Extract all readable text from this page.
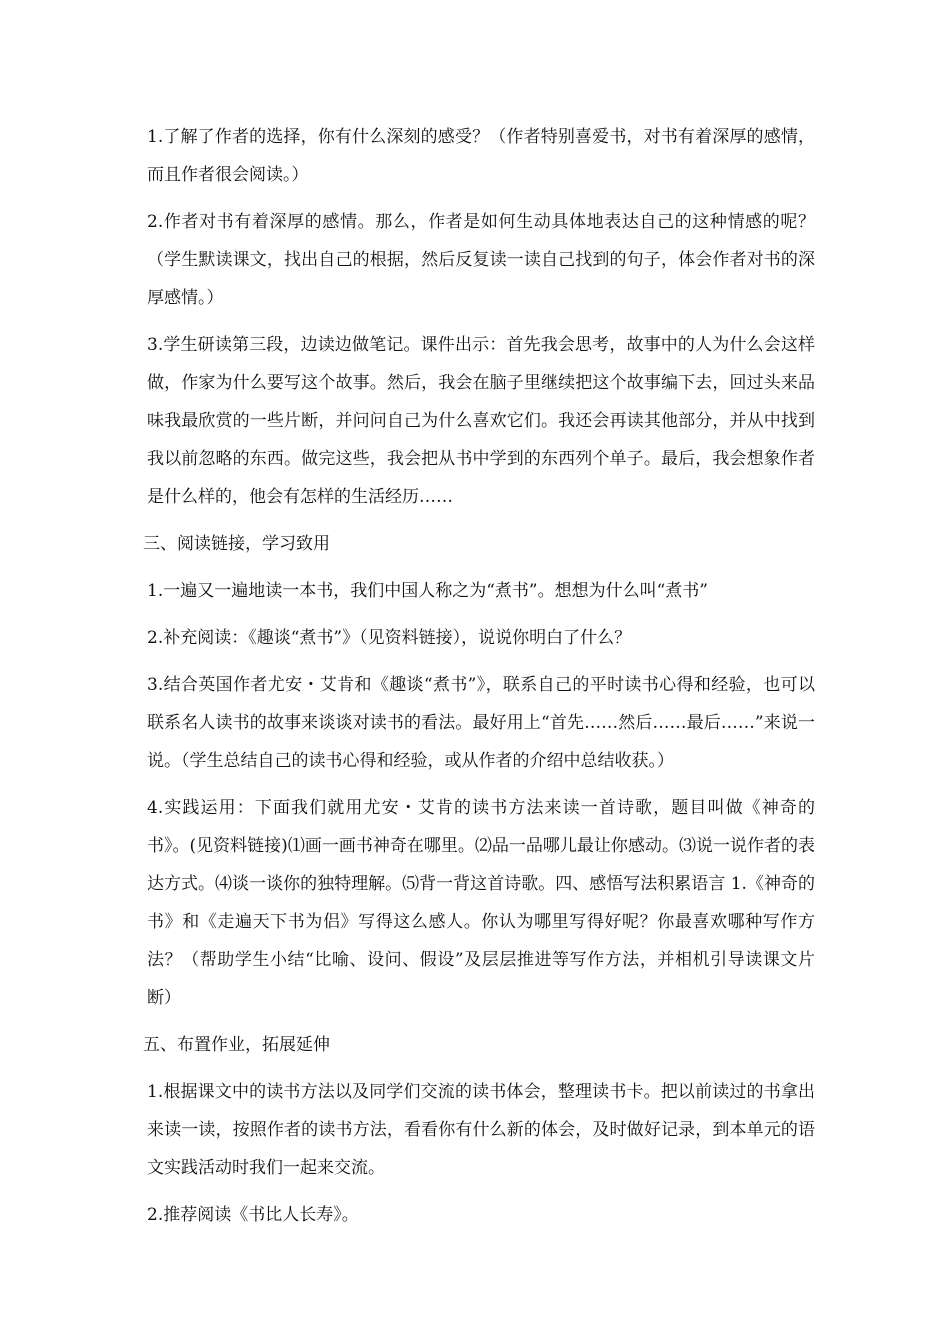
1.了解了作者的选择，你有什么深刻的感受？（作者特别喜爱书，对书有着深厚的感情，而且作者很会阅读。）

2.作者对书有着深厚的感情。那么，作者是如何生动具体地表达自己的这种情感的呢？（学生默读课文，找出自己的根据，然后反复读一读自己找到的句子，体会作者对书的深厚感情。）

3.学生研读第三段，边读边做笔记。课件出示：首先我会思考，故事中的人为什么会这样做，作家为什么要写这个故事。然后，我会在脑子里继续把这个故事编下去，回过头来品味我最欣赏的一些片断，并问问自己为什么喜欢它们。我还会再读其他部分，并从中找到我以前忽略的东西。做完这些，我会把从书中学到的东西列个单子。最后，我会想象作者是什么样的，他会有怎样的生活经历……

三、阅读链接，学习致用

1.一遍又一遍地读一本书，我们中国人称之为“煮书”。想想为什么叫“煮书”

2.补充阅读：《趣谈“煮书”》（见资料链接），说说你明白了什么？

3.结合英国作者尤安・艾肯和《趣谈“煮书”》，联系自己的平时读书心得和经验，也可以联系名人读书的故事来谈谈对读书的看法。最好用上“首先……然后……最后……”来说一说。（学生总结自己的读书心得和经验，或从作者的介绍中总结收获。）

4.实践运用：下面我们就用尤安・艾肯的读书方法来读一首诗歌，题目叫做《神奇的书》。(见资料链接)⑴画一画书神奇在哪里。⑵品一品哪儿最让你感动。⑶说一说作者的表达方式。⑷谈一谈你的独特理解。⑸背一背这首诗歌。四、感悟写法积累语言 1.《神奇的书》和《走遍天下书为侣》写得这么感人。你认为哪里写得好呢？你最喜欢哪种写作方法？（帮助学生小结“比喻、设问、假设”及层层推进等写作方法，并相机引导读课文片断）

五、布置作业，拓展延伸

1.根据课文中的读书方法以及同学们交流的读书体会，整理读书卡。把以前读过的书拿出来读一读，按照作者的读书方法，看看你有什么新的体会，及时做好记录，到本单元的语文实践活动时我们一起来交流。

2.推荐阅读《书比人长寿》。
